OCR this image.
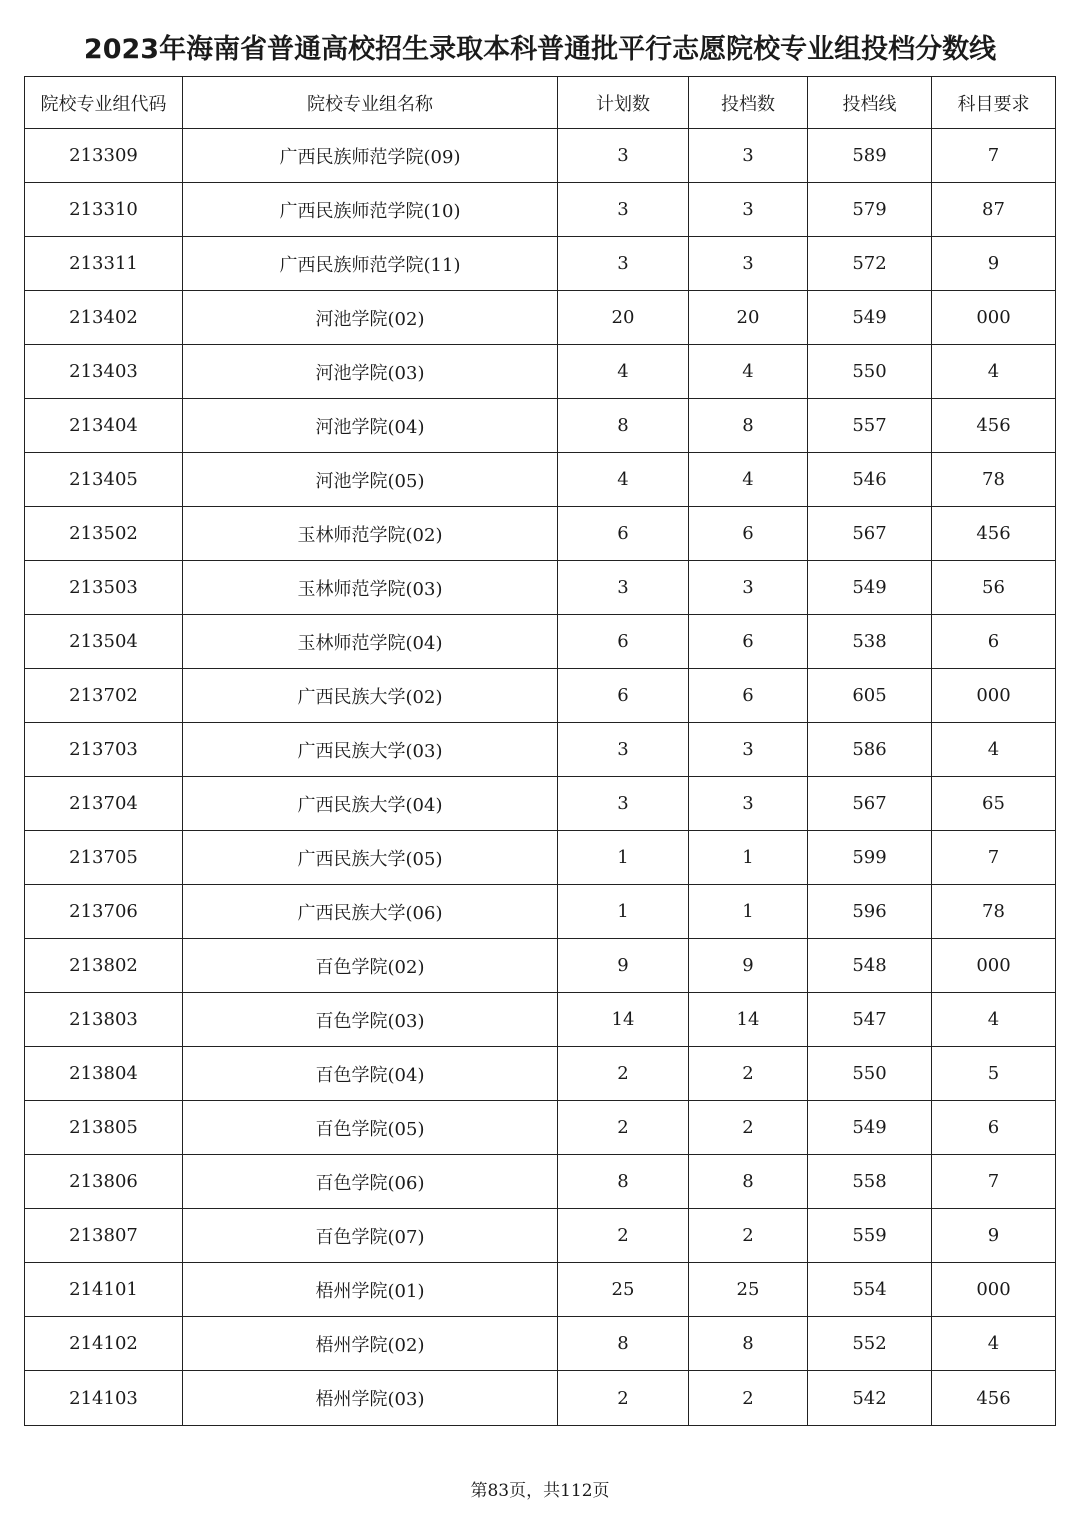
2023年海南省普通高校招生录取本科普通批平行志愿院校专业组投档分数线
院校专业组代码	院校专业组名称	计划数	投档数	投档线	科目要求
213309	广西民族师范学院(09)	3	3	589	7
213310	广西民族师范学院(10)	3	3	579	87
213311	广西民族师范学院(11)	3	3	572	9
213402	河池学院(02)	20	20	549	000
213403	河池学院(03)	4	4	550	4
213404	河池学院(04)	8	8	557	456
213405	河池学院(05)	4	4	546	78
213502	玉林师范学院(02)	6	6	567	456
213503	玉林师范学院(03)	3	3	549	56
213504	玉林师范学院(04)	6	6	538	6
213702	广西民族大学(02)	6	6	605	000
213703	广西民族大学(03)	3	3	586	4
213704	广西民族大学(04)	3	3	567	65
213705	广西民族大学(05)	1	1	599	7
213706	广西民族大学(06)	1	1	596	78
213802	百色学院(02)	9	9	548	000
213803	百色学院(03)	14	14	547	4
213804	百色学院(04)	2	2	550	5
213805	百色学院(05)	2	2	549	6
213806	百色学院(06)	8	8	558	7
213807	百色学院(07)	2	2	559	9
214101	梧州学院(01)	25	25	554	000
214102	梧州学院(02)	8	8	552	4
214103	梧州学院(03)	2	2	542	456
第83页，共112页
